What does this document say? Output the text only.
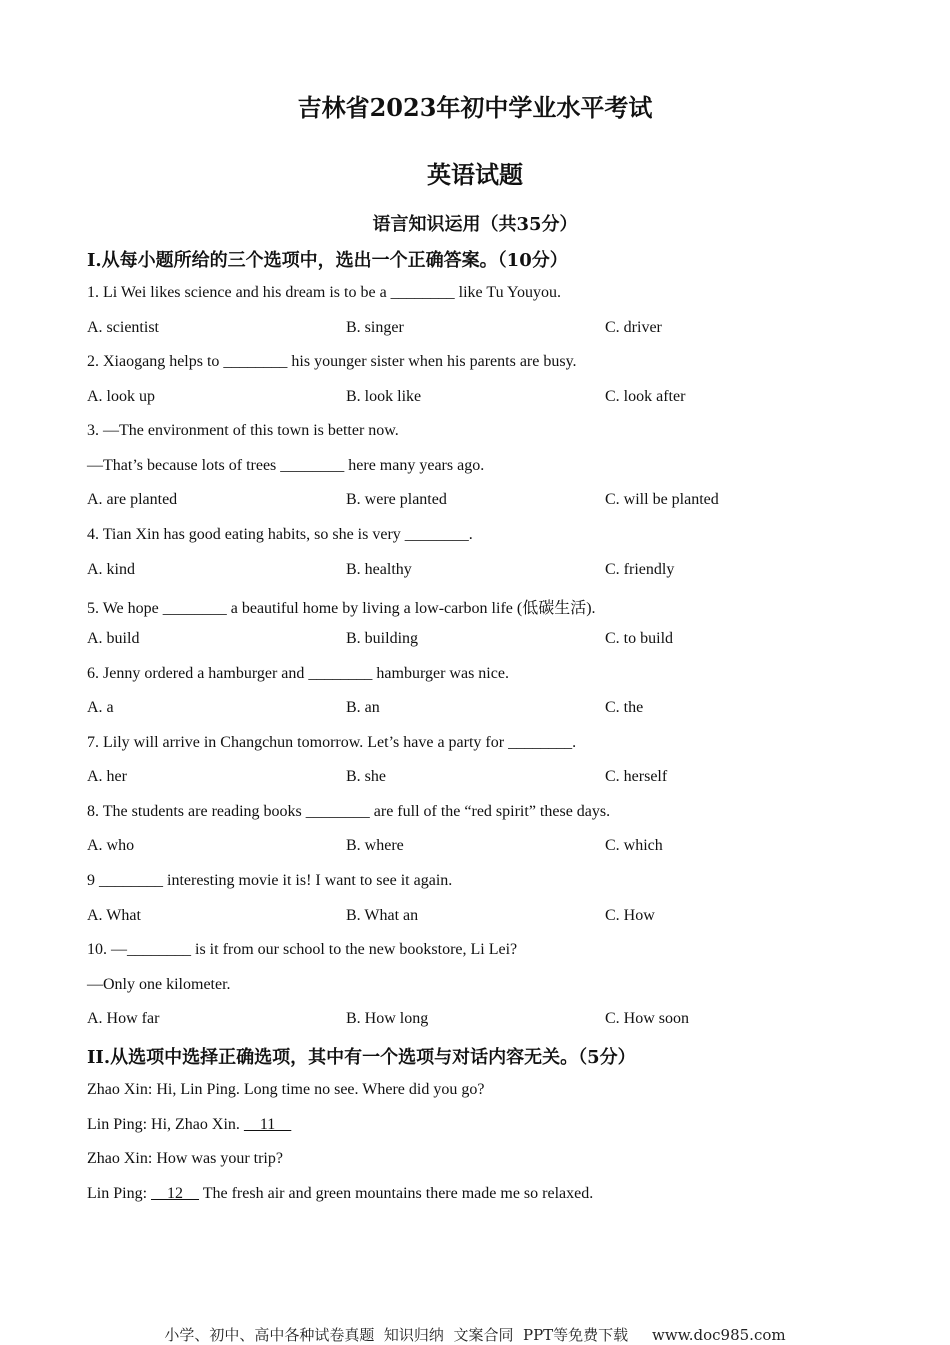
吉林省2023年初中学业水平考试
英语试题
语言知识运用（共35分）
I.从每小题所给的三个选项中，选出一个正确答案。（10分）
1. Li Wei likes science and his dream is to be a ________ like Tu Youyou.
A. scientist	B. singer	C. driver
2. Xiaogang helps to ________ his younger sister when his parents are busy.
A. look up	B. look like	C. look after
3. —The environment of this town is better now.
—That’s because lots of trees ________ here many years ago.
A. are planted	B. were planted	C. will be planted
4. Tian Xin has good eating habits, so she is very ________.
A. kind	B. healthy	C. friendly
5. We hope ________ a beautiful home by living a low-carbon life (低碳生活).
A. build	B. building	C. to build
6. Jenny ordered a hamburger and ________ hamburger was nice.
A. a	B. an	C. the
7. Lily will arrive in Changchun tomorrow. Let’s have a party for ________.
A. her	B. she	C. herself
8. The students are reading books ________ are full of the “red spirit” these days.
A. who	B. where	C. which
9 ________ interesting movie it is! I want to see it again.
A. What	B. What an	C. How
10. —________ is it from our school to the new bookstore, Li Lei?
—Only one kilometer.
A. How far	B. How long	C. How soon
II.从选项中选择正确选项，其中有一个选项与对话内容无关。（5分）
Zhao Xin: Hi, Lin Ping. Long time no see. Where did you go?
Lin Ping: Hi, Zhao Xin.     11
Zhao Xin: How was your trip?
Lin Ping:     12     The fresh air and green mountains there made me so relaxed.
小学、初中、高中各种试卷真题  知识归纳  文案合同  PPT等免费下载     www.doc985.com
